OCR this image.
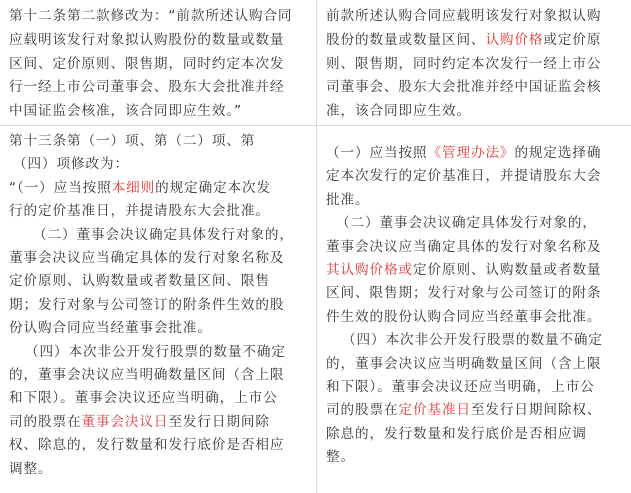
第十二条第二款修改为：“前款所述认购合同
应载明该发行对象拟认购股份的数量或数量
区间、定价原则、限售期，同时约定本次发
行一经上市公司董事会、股东大会批准并经
中国证监会核准，该合同即应生效。”
前款所述认购合同应载明该发行对象拟认购
股份的数量或数量区间、认购价格或定价原
则、限售期，同时约定本次发行一经上市公
司董事会、股东大会批准并经中国证监会核
准，该合同即应生效。
第十三条第（一）项、第（二）项、第
（四）项修改为：
“（一）应当按照本细则的规定确定本次发
行的定价基准日，并提请股东大会批准。
（二）董事会决议确定具体发行对象的，
董事会决议应当确定具体的发行对象名称及
定价原则、认购数量或者数量区间、限售
期；发行对象与公司签订的附条件生效的股
份认购合同应当经董事会批准。
（四）本次非公开发行股票的数量不确定
的，董事会决议应当明确数量区间（含上限
和下限）。董事会决议还应当明确，上市公
司的股票在董事会决议日至发行日期间除
权、除息的，发行数量和发行底价是否相应
调整。
（一）应当按照《管理办法》的规定选择确
定本次发行的定价基准日，并提请股东大会
批准。
（二）董事会决议确定具体发行对象的，
董事会决议应当确定具体的发行对象名称及
其认购价格或定价原则、认购数量或者数量
区间、限售期；发行对象与公司签订的附条
件生效的股份认购合同应当经董事会批准。
（四）本次非公开发行股票的数量不确定
的，董事会决议应当明确数量区间（含上限
和下限）。董事会决议还应当明确，上市公
司的股票在定价基准日至发行日期间除权、
除息的，发行数量和发行底价是否相应调
整。
